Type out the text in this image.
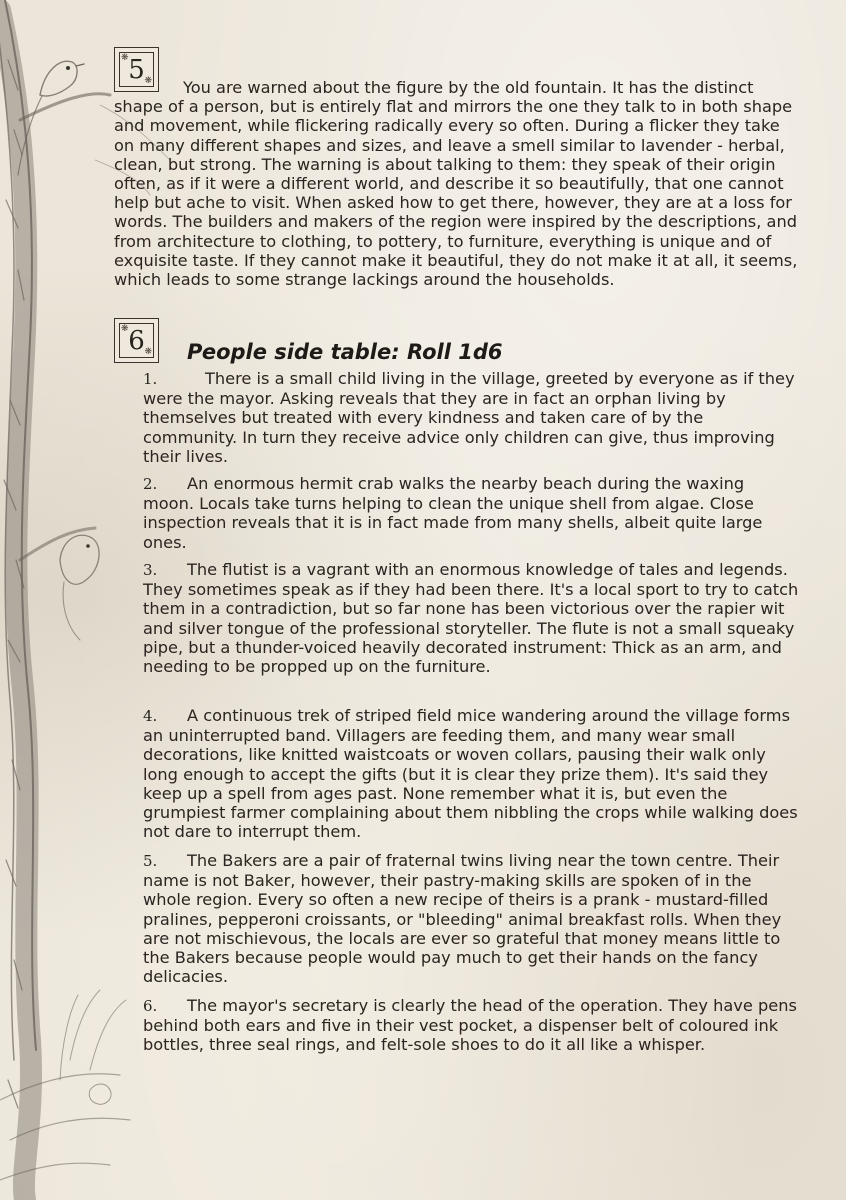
❋ 5 ❋

You are warned about the figure by the old fountain. It has the distinct shape of a person, but is entirely flat and mirrors the one they talk to in both shape and movement, while flickering radically every so often. During a flicker they take on many different shapes and sizes, and leave a smell similar to lavender - herbal, clean, but strong. The warning is about talking to them: they speak of their origin often, as if it were a different world, and describe it so beautifully, that one cannot help but ache to visit. When asked how to get there, however, they are at a loss for words. The builders and makers of the region were inspired by the descriptions, and from architecture to clothing, to pottery, to furniture, everything is unique and of exquisite taste. If they cannot make it beautiful, they do not make it at all, it seems, which leads to some strange lackings around the households.

❋ 6 ❋	People side table: Roll 1d6

1.	There is a small child living in the village, greeted by everyone as if they were the mayor. Asking reveals that they are in fact an orphan living by themselves but treated with every kindness and taken care of by the community. In turn they receive advice only children can give, thus improving their lives.

2. An enormous hermit crab walks the nearby beach during the waxing moon. Locals take turns helping to clean the unique shell from algae. Close inspection reveals that it is in fact made from many shells, albeit quite large ones.

3. The flutist is a vagrant with an enormous knowledge of tales and legends. They sometimes speak as if they had been there. It's a local sport to try to catch them in a contradiction, but so far none has been victorious over the rapier wit and silver tongue of the professional storyteller. The flute is not a small squeaky pipe, but a thunder-voiced heavily decorated instrument: Thick as an arm, and needing to be propped up on the furniture.

4. A continuous trek of striped field mice wandering around the village forms an uninterrupted band. Villagers are feeding them, and many wear small decorations, like knitted waistcoats or woven collars, pausing their walk only long enough to accept the gifts (but it is clear they prize them). It's said they keep up a spell from ages past. None remember what it is, but even the grumpiest farmer complaining about them nibbling the crops while walking does not dare to interrupt them.

5. The Bakers are a pair of fraternal twins living near the town centre. Their name is not Baker, however, their pastry-making skills are spoken of in the whole region. Every so often a new recipe of theirs is a prank - mustard-filled pralines, pepperoni croissants, or "bleeding" animal breakfast rolls. When they are not mischievous, the locals are ever so grateful that money means little to the Bakers because people would pay much to get their hands on the fancy delicacies.

6. The mayor's secretary is clearly the head of the operation. They have pens behind both ears and five in their vest pocket, a dispenser belt of coloured ink bottles, three seal rings, and felt-sole shoes to do it all like a whisper.
